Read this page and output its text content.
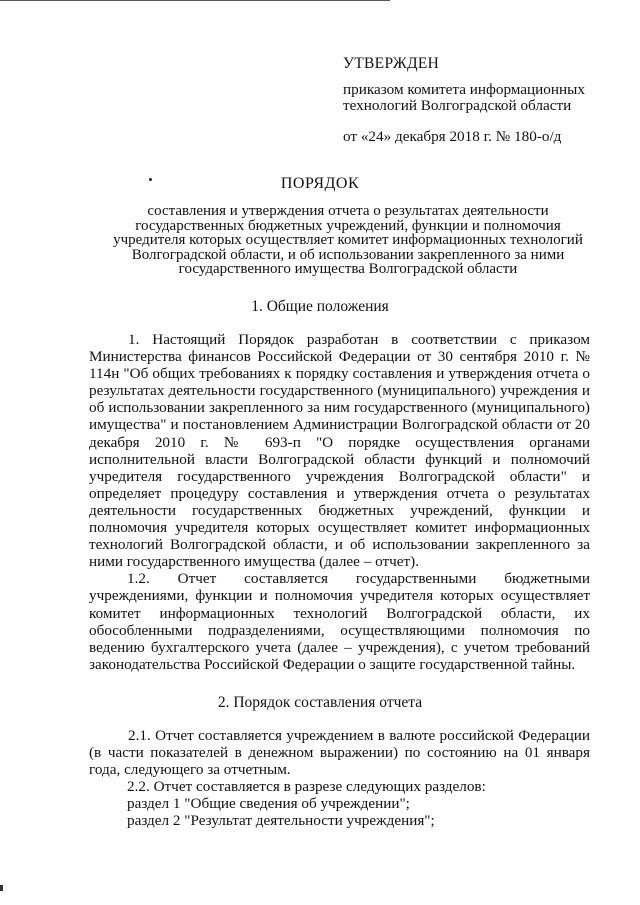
УТВЕРЖДЕН
приказом комитета информационных
технологий Волгоградской области
от «24» декабря 2018 г. № 180-о/д
ПОРЯДОК
составления и утверждения отчета о результатах деятельности
государственных бюджетных учреждений, функции и полномочия
учредителя которых осуществляет комитет информационных технологий
Волгоградской области, и об использовании закрепленного за ними
государственного имущества Волгоградской области
1. Общие положения

1. Настоящий Порядок разработан в соответствии с приказом Министерства финансов Российской Федерации от 30 сентября 2010 г. № 114н "Об общих требованиях к порядку составления и утверждения отчета о результатах деятельности государственного (муниципального) учреждения и об использовании закрепленного за ним государственного (муниципального) имущества" и постановлением Администрации Волгоградской области от 20 декабря 2010 г. № 693-п "О порядке осуществления органами исполнительной власти Волгоградской области функций и полномочий учредителя государственного учреждения Волгоградской области" и определяет процедуру составления и утверждения отчета о результатах деятельности государственных бюджетных учреждений, функции и полномочия учредителя которых осуществляет комитет информационных технологий Волгоградской области, и об использовании закрепленного за ними государственного имущества (далее – отчет).

1.2. Отчет составляется государственными бюджетными учреждениями, функции и полномочия учредителя которых осуществляет комитет информационных технологий Волгоградской области, их обособленными подразделениями, осуществляющими полномочия по ведению бухгалтерского учета (далее – учреждения), с учетом требований законодательства Российской Федерации о защите государственной тайны.

2. Порядок составления отчета

2.1. Отчет составляется учреждением в валюте российской Федерации (в части показателей в денежном выражении) по состоянию на 01 января года, следующего за отчетным.

2.2. Отчет составляется в разрезе следующих разделов:
раздел 1 "Общие сведения об учреждении";
раздел 2 "Результат деятельности учреждения";
